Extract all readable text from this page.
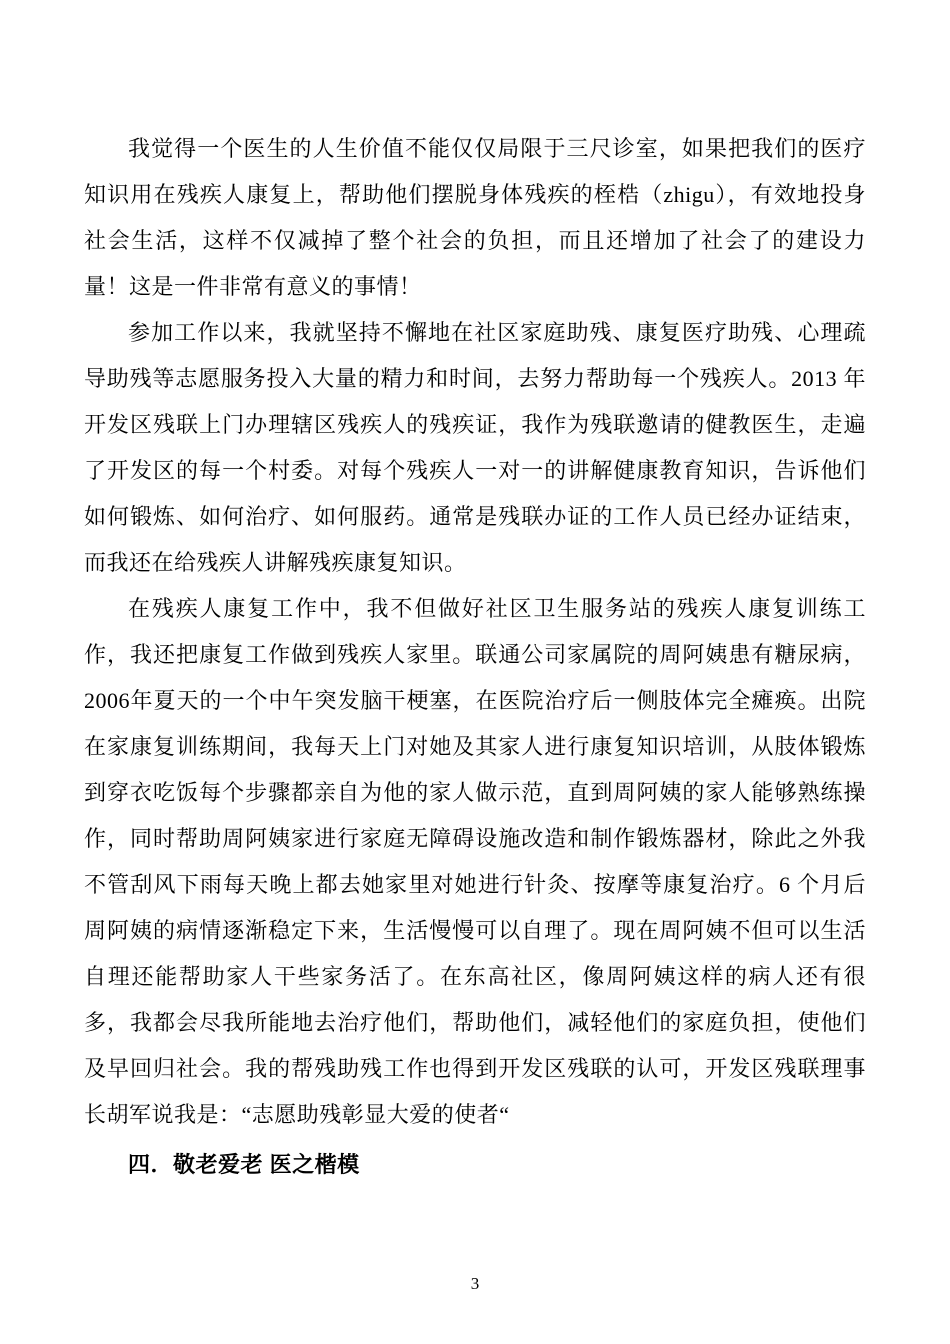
我觉得一个医生的人生价值不能仅仅局限于三尺诊室，如果把我们的医疗知识用在残疾人康复上，帮助他们摆脱身体残疾的桎梏（zhigu），有效地投身社会生活，这样不仅减掉了整个社会的负担，而且还增加了社会了的建设力量！这是一件非常有意义的事情！

参加工作以来，我就坚持不懈地在社区家庭助残、康复医疗助残、心理疏导助残等志愿服务投入大量的精力和时间，去努力帮助每一个残疾人。2013 年开发区残联上门办理辖区残疾人的残疾证，我作为残联邀请的健教医生，走遍了开发区的每一个村委。对每个残疾人一对一的讲解健康教育知识，告诉他们如何锻炼、如何治疗、如何服药。通常是残联办证的工作人员已经办证结束，而我还在给残疾人讲解残疾康复知识。

在残疾人康复工作中，我不但做好社区卫生服务站的残疾人康复训练工作，我还把康复工作做到残疾人家里。联通公司家属院的周阿姨患有糖尿病，2006年夏天的一个中午突发脑干梗塞，在医院治疗后一侧肢体完全瘫痪。出院在家康复训练期间，我每天上门对她及其家人进行康复知识培训，从肢体锻炼到穿衣吃饭每个步骤都亲自为他的家人做示范，直到周阿姨的家人能够熟练操作，同时帮助周阿姨家进行家庭无障碍设施改造和制作锻炼器材，除此之外我不管刮风下雨每天晚上都去她家里对她进行针灸、按摩等康复治疗。6 个月后周阿姨的病情逐渐稳定下来，生活慢慢可以自理了。现在周阿姨不但可以生活自理还能帮助家人干些家务活了。在东高社区，像周阿姨这样的病人还有很多，我都会尽我所能地去治疗他们，帮助他们，减轻他们的家庭负担，使他们及早回归社会。我的帮残助残工作也得到开发区残联的认可，开发区残联理事长胡军说我是：“志愿助残彰显大爱的使者“

四．敬老爱老 医之楷模
3
